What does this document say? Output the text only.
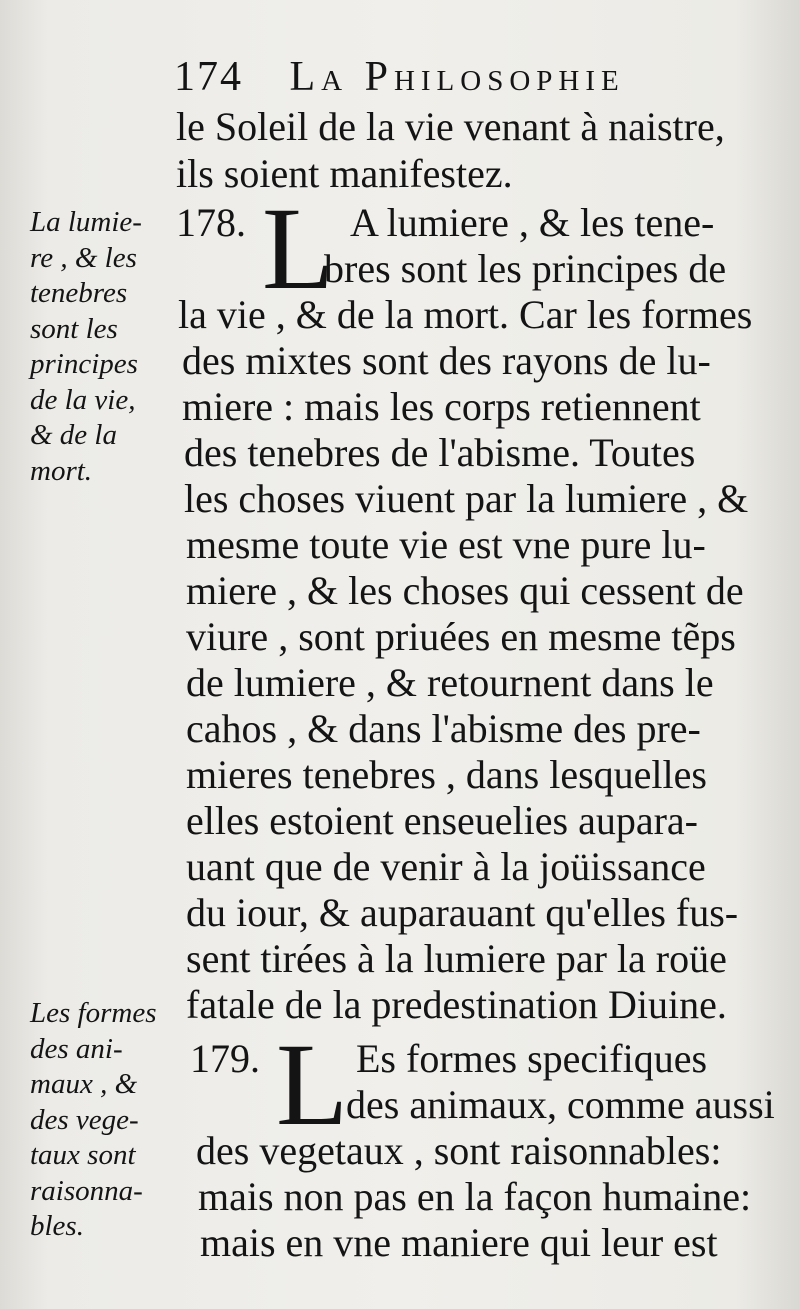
174 La Philosophie
le Soleil de la vie venant à naistre,
ils soient manifestez.
La lumie-
re , & les
tenebres
sont les
principes
de la vie,
& de la
mort.
178. L A lumiere , & les tene-
bres sont les principes de
la vie , & de la mort. Car les formes
des mixtes sont des rayons de lu-
miere : mais les corps retiennent
des tenebres de l'abisme. Toutes
les choses viuent par la lumiere , &
mesme toute vie est vne pure lu-
miere , & les choses qui cessent de
viure , sont priuées en mesme tẽps
de lumiere , & retournent dans le
cahos , & dans l'abisme des pre-
mieres tenebres , dans lesquelles
elles estoient enseuelies aupara-
uant que de venir à la joüissance
du iour, & auparauant qu'elles fus-
sent tirées à la lumiere par la roüe
fatale de la predestination Diuine.
Les formes
des ani-
maux , &
des vege-
taux sont
raisonna-
bles.
179. L Es formes specifiques
des animaux, comme aussi
des vegetaux , sont raisonnables:
mais non pas en la façon humaine:
mais en vne maniere qui leur est
